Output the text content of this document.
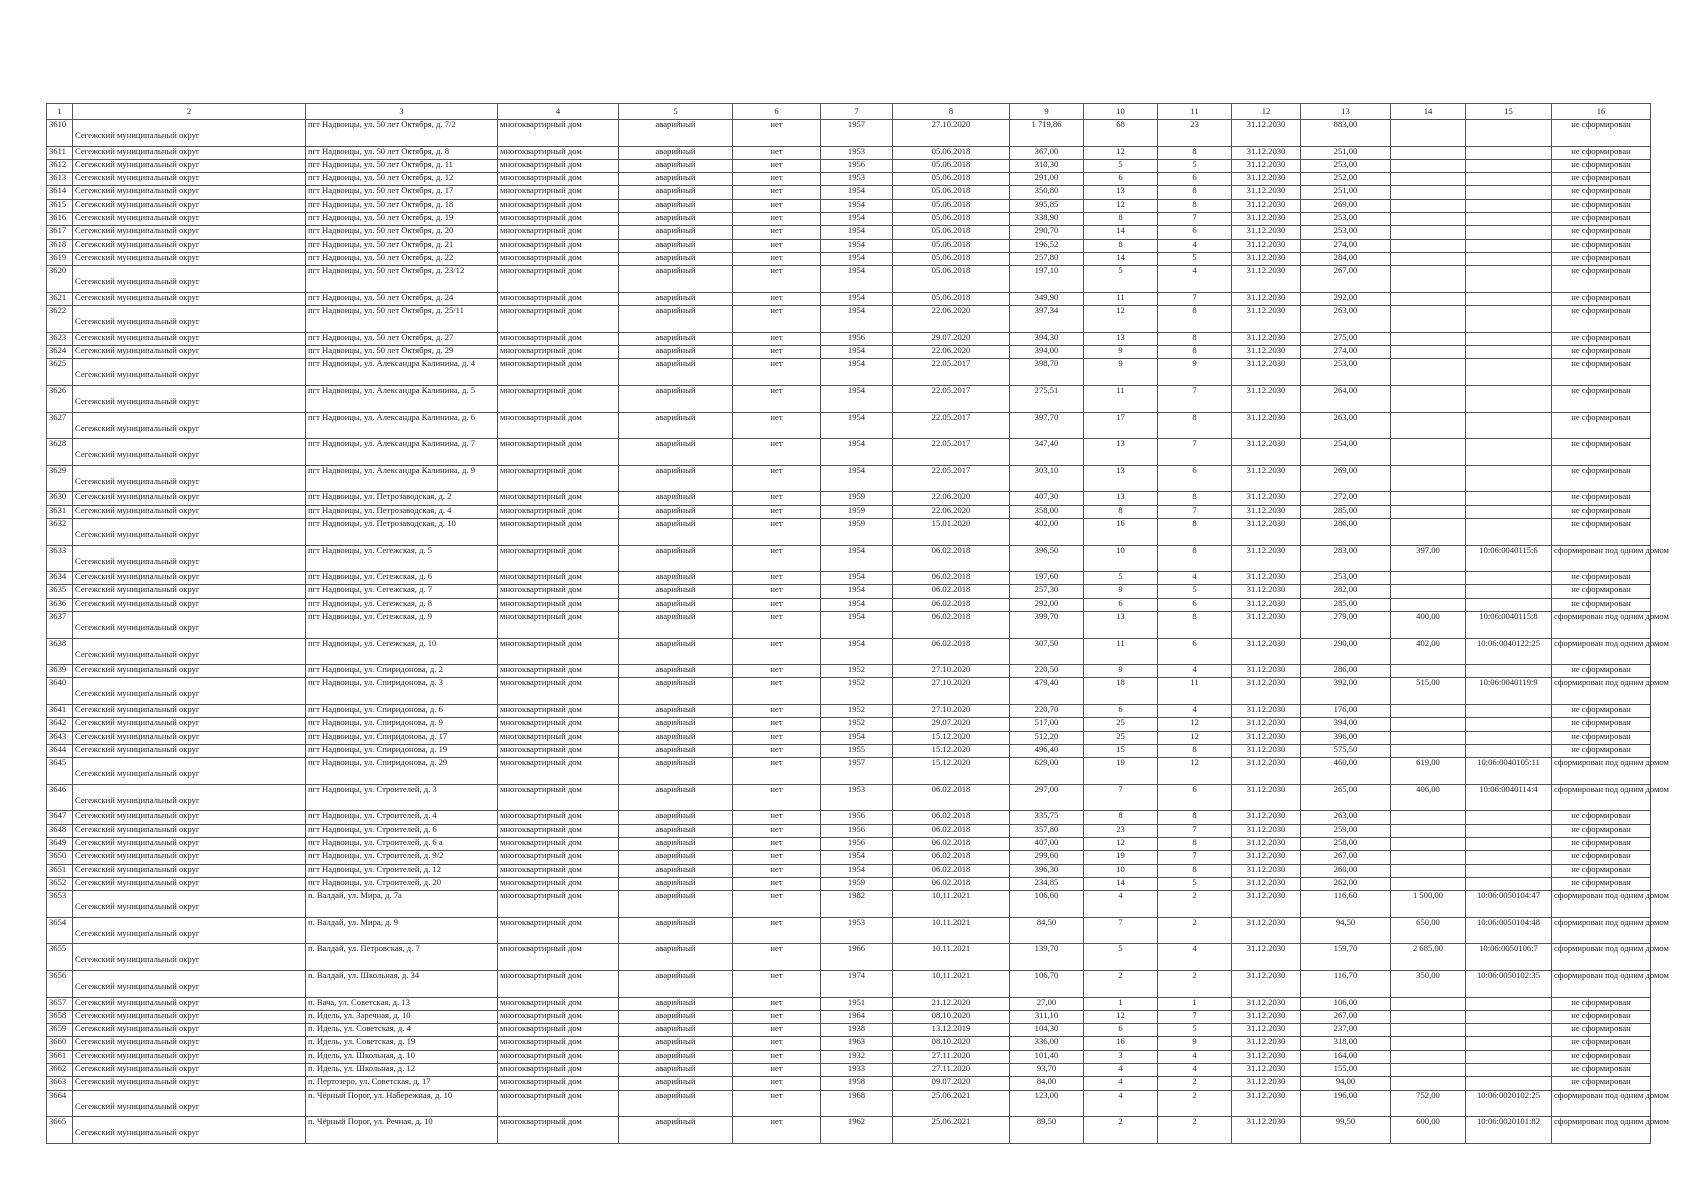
1	2	3	4	5	6	7	8	9	10	11	12	13	14	15	16
3610	Сегежский муниципальный округ	пгт Надвоицы, ул. 50 лет Октября, д. 7/2	многоквартирный дом	аварийный	нет	1957	27.10.2020	1 719,86	68	23	31.12.2030	883,00			не сформирован
3611	Сегежский муниципальный округ	пгт Надвоицы, ул. 50 лет Октября, д. 8	многоквартирный дом	аварийный	нет	1953	05.06.2018	367,00	12	8	31.12.2030	251,00			не сформирован
3612	Сегежский муниципальный округ	пгт Надвоицы, ул. 50 лет Октября, д. 11	многоквартирный дом	аварийный	нет	1956	05.06.2018	310,30	5	5	31.12.2030	253,00			не сформирован
3613	Сегежский муниципальный округ	пгт Надвоицы, ул. 50 лет Октября, д. 12	многоквартирный дом	аварийный	нет	1953	05.06.2018	291,00	6	6	31.12.2030	252,00			не сформирован
3614	Сегежский муниципальный округ	пгт Надвоицы, ул. 50 лет Октября, д. 17	многоквартирный дом	аварийный	нет	1954	05.06.2018	350,80	13	8	31.12.2030	251,00			не сформирован
3615	Сегежский муниципальный округ	пгт Надвоицы, ул. 50 лет Октября, д. 18	многоквартирный дом	аварийный	нет	1954	05.06.2018	395,85	12	8	31.12.2030	269,00			не сформирован
3616	Сегежский муниципальный округ	пгт Надвоицы, ул. 50 лет Октября, д. 19	многоквартирный дом	аварийный	нет	1954	05.06.2018	338,90	8	7	31.12.2030	253,00			не сформирован
3617	Сегежский муниципальный округ	пгт Надвоицы, ул. 50 лет Октября, д. 20	многоквартирный дом	аварийный	нет	1954	05.06.2018	290,70	14	6	31.12.2030	253,00			не сформирован
3618	Сегежский муниципальный округ	пгт Надвоицы, ул. 50 лет Октября, д. 21	многоквартирный дом	аварийный	нет	1954	05.06.2018	196,52	8	4	31.12.2030	274,00			не сформирован
3619	Сегежский муниципальный округ	пгт Надвоицы, ул. 50 лет Октября, д. 22	многоквартирный дом	аварийный	нет	1954	05.06.2018	257,80	14	5	31.12.2030	284,00			не сформирован
3620	Сегежский муниципальный округ	пгт Надвоицы, ул. 50 лет Октября, д. 23/12	многоквартирный дом	аварийный	нет	1954	05.06.2018	197,10	5	4	31.12.2030	267,00			не сформирован
3621	Сегежский муниципальный округ	пгт Надвоицы, ул. 50 лет Октября, д. 24	многоквартирный дом	аварийный	нет	1954	05.06.2018	349,90	11	7	31.12.2030	292,00			не сформирован
3622	Сегежский муниципальный округ	пгт Надвоицы, ул. 50 лет Октября, д. 25/11	многоквартирный дом	аварийный	нет	1954	22.06.2020	397,34	12	8	31.12.2030	263,00			не сформирован
3623	Сегежский муниципальный округ	пгт Надвоицы, ул. 50 лет Октября, д. 27	многоквартирный дом	аварийный	нет	1956	29.07.2020	394,30	13	8	31.12.2030	275,00			не сформирован
3624	Сегежский муниципальный округ	пгт Надвоицы, ул. 50 лет Октября, д. 29	многоквартирный дом	аварийный	нет	1954	22.06.2020	394,00	9	8	31.12.2030	274,00			не сформирован
3625	Сегежский муниципальный округ	пгт Надвоицы, ул. Александра Калинина, д. 4	многоквартирный дом	аварийный	нет	1954	22.05.2017	398,70	9	9	31.12.2030	253,00			не сформирован
3626	Сегежский муниципальный округ	пгт Надвоицы, ул. Александра Калинина, д. 5	многоквартирный дом	аварийный	нет	1954	22.05.2017	275,51	11	7	31.12.2030	264,00			не сформирован
3627	Сегежский муниципальный округ	пгт Надвоицы, ул. Александра Калинина, д. 6	многоквартирный дом	аварийный	нет	1954	22.05.2017	397,70	17	8	31.12.2030	263,00			не сформирован
3628	Сегежский муниципальный округ	пгт Надвоицы, ул. Александра Калинина, д. 7	многоквартирный дом	аварийный	нет	1954	22.05.2017	347,40	13	7	31.12.2030	254,00			не сформирован
3629	Сегежский муниципальный округ	пгт Надвоицы, ул. Александра Калинина, д. 9	многоквартирный дом	аварийный	нет	1954	22.05.2017	303,10	13	6	31.12.2030	269,00			не сформирован
3630	Сегежский муниципальный округ	пгт Надвоицы, ул. Петрозаводская, д. 2	многоквартирный дом	аварийный	нет	1959	22.06.2020	407,30	13	8	31.12.2030	272,00			не сформирован
3631	Сегежский муниципальный округ	пгт Надвоицы, ул. Петрозаводская, д. 4	многоквартирный дом	аварийный	нет	1959	22.06.2020	358,00	8	7	31.12.2030	285,00			не сформирован
3632	Сегежский муниципальный округ	пгт Надвоицы, ул. Петрозаводская, д. 10	многоквартирный дом	аварийный	нет	1959	15.01.2020	402,00	16	8	31.12.2030	286,00			не сформирован
3633	Сегежский муниципальный округ	пгт Надвоицы, ул. Сегежская, д. 5	многоквартирный дом	аварийный	нет	1954	06.02.2018	396,50	10	8	31.12.2030	283,00	397,00	10:06:0040115:6	сформирован под одним домом
3634	Сегежский муниципальный округ	пгт Надвоицы, ул. Сегежская, д. 6	многоквартирный дом	аварийный	нет	1954	06.02.2018	197,60	5	4	31.12.2030	253,00			не сформирован
3635	Сегежский муниципальный округ	пгт Надвоицы, ул. Сегежская, д. 7	многоквартирный дом	аварийный	нет	1954	06.02.2018	257,30	9	5	31.12.2030	282,00			не сформирован
3636	Сегежский муниципальный округ	пгт Надвоицы, ул. Сегежская, д. 8	многоквартирный дом	аварийный	нет	1954	06.02.2018	292,00	6	6	31.12.2030	285,00			не сформирован
3637	Сегежский муниципальный округ	пгт Надвоицы, ул. Сегежская, д. 9	многоквартирный дом	аварийный	нет	1954	06.02.2018	399,70	13	8	31.12.2030	279,00	400,00	10:06:0040115:8	сформирован под одним домом
3638	Сегежский муниципальный округ	пгт Надвоицы, ул. Сегежская, д. 10	многоквартирный дом	аварийный	нет	1954	06.02.2018	307,50	11	6	31.12.2030	290,00	402,00	10:06:0040122:25	сформирован под одним домом
3639	Сегежский муниципальный округ	пгт Надвоицы, ул. Спиридонова, д. 2	многоквартирный дом	аварийный	нет	1952	27.10.2020	220,50	9	4	31.12.2030	286,00			не сформирован
3640	Сегежский муниципальный округ	пгт Надвоицы, ул. Спиридонова, д. 3	многоквартирный дом	аварийный	нет	1952	27.10.2020	479,40	18	11	31.12.2030	392,00	515,00	10:06:0040119:9	сформирован под одним домом
3641	Сегежский муниципальный округ	пгт Надвоицы, ул. Спиридонова, д. 6	многоквартирный дом	аварийный	нет	1952	27.10.2020	220,70	6	4	31.12.2030	176,00			не сформирован
3642	Сегежский муниципальный округ	пгт Надвоицы, ул. Спиридонова, д. 9	многоквартирный дом	аварийный	нет	1952	29.07.2020	517,00	25	12	31.12.2030	394,00			не сформирован
3643	Сегежский муниципальный округ	пгт Надвоицы, ул. Спиридонова, д. 17	многоквартирный дом	аварийный	нет	1954	15.12.2020	512,20	25	12	31.12.2030	396,00			не сформирован
3644	Сегежский муниципальный округ	пгт Надвоицы, ул. Спиридонова, д. 19	многоквартирный дом	аварийный	нет	1955	15.12.2020	496,40	15	8	31.12.2030	575,50			не сформирован
3645	Сегежский муниципальный округ	пгт Надвоицы, ул. Спиридонова, д. 29	многоквартирный дом	аварийный	нет	1957	15.12.2020	629,00	19	12	31.12.2030	460,00	619,00	10:06:0040105:11	сформирован под одним домом
3646	Сегежский муниципальный округ	пгт Надвоицы, ул. Строителей, д. 3	многоквартирный дом	аварийный	нет	1953	06.02.2018	297,00	7	6	31.12.2030	265,00	406,00	10:06:0040114:4	сформирован под одним домом
3647	Сегежский муниципальный округ	пгт Надвоицы, ул. Строителей, д. 4	многоквартирный дом	аварийный	нет	1956	06.02.2018	335,75	8	8	31.12.2030	263,00			не сформирован
3648	Сегежский муниципальный округ	пгт Надвоицы, ул. Строителей, д. 6	многоквартирный дом	аварийный	нет	1956	06.02.2018	357,80	23	7	31.12.2030	259,00			не сформирован
3649	Сегежский муниципальный округ	пгт Надвоицы, ул. Строителей, д. 6 а	многоквартирный дом	аварийный	нет	1956	06.02.2018	407,00	12	8	31.12.2030	258,00			не сформирован
3650	Сегежский муниципальный округ	пгт Надвоицы, ул. Строителей, д. 9/2	многоквартирный дом	аварийный	нет	1954	06.02.2018	299,60	19	7	31.12.2030	267,00			не сформирован
3651	Сегежский муниципальный округ	пгт Надвоицы, ул. Строителей, д. 12	многоквартирный дом	аварийный	нет	1954	06.02.2018	396,30	10	8	31.12.2030	260,00			не сформирован
3652	Сегежский муниципальный округ	пгт Надвоицы, ул. Строителей, д. 20	многоквартирный дом	аварийный	нет	1959	06.02.2018	234,85	14	5	31.12.2030	262,00			не сформирован
3653	Сегежский муниципальный округ	п. Валдай, ул. Мира, д. 7а	многоквартирный дом	аварийный	нет	1982	10.11.2021	106,60	4	2	31.12.2030	116,60	1 500,00	10:06:0050104:47	сформирован под одним домом
3654	Сегежский муниципальный округ	п. Валдай, ул. Мира, д. 9	многоквартирный дом	аварийный	нет	1953	10.11.2021	84,50	7	2	31.12.2030	94,50	650,00	10:06:0050104:48	сформирован под одним домом
3655	Сегежский муниципальный округ	п. Валдай, ул. Петровская, д. 7	многоквартирный дом	аварийный	нет	1966	10.11.2021	139,70	5	4	31.12.2030	159,70	2 685,00	10:06:0050106:7	сформирован под одним домом
3656	Сегежский муниципальный округ	п. Валдай, ул. Школьная, д. 34	многоквартирный дом	аварийный	нет	1974	10.11.2021	106,70	2	2	31.12.2030	116,70	350,00	10:06:0050102:35	сформирован под одним домом
3657	Сегежский муниципальный округ	п. Вача, ул. Советская, д. 13	многоквартирный дом	аварийный	нет	1951	21.12.2020	27,00	1	1	31.12.2030	106,00			не сформирован
3658	Сегежский муниципальный округ	п. Идель, ул. Заречная, д. 10	многоквартирный дом	аварийный	нет	1964	08.10.2020	311,10	12	7	31.12.2030	267,00			не сформирован
3659	Сегежский муниципальный округ	п. Идель, ул. Советская, д. 4	многоквартирный дом	аварийный	нет	1938	13.12.2019	104,30	6	5	31.12.2030	237,00			не сформирован
3660	Сегежский муниципальный округ	п. Идель, ул. Советская, д. 19	многоквартирный дом	аварийный	нет	1963	08.10.2020	336,00	16	9	31.12.2030	318,00			не сформирован
3661	Сегежский муниципальный округ	п. Идель, ул. Школьная, д. 10	многоквартирный дом	аварийный	нет	1932	27.11.2020	101,40	3	4	31.12.2030	164,00			не сформирован
3662	Сегежский муниципальный округ	п. Идель, ул. Школьная, д. 12	многоквартирный дом	аварийный	нет	1933	27.11.2020	93,70	4	4	31.12.2030	155,00			не сформирован
3663	Сегежский муниципальный округ	п. Пертозеро, ул. Советская, д. 17	многоквартирный дом	аварийный	нет	1958	09.07.2020	84,00	4	2	31.12.2030	94,00			не сформирован
3664	Сегежский муниципальный округ	п. Чёрный Порог, ул. Набережная, д. 10	многоквартирный дом	аварийный	нет	1968	25.06.2021	123,00	4	2	31.12.2030	196,00	752,00	10:06:0020102:25	сформирован под одним домом
3665	Сегежский муниципальный округ	п. Чёрный Порог, ул. Речная, д. 10	многоквартирный дом	аварийный	нет	1962	25.06.2021	89,50	2	2	31.12.2030	99,50	600,00	10:06:0020101:82	сформирован под одним домом
